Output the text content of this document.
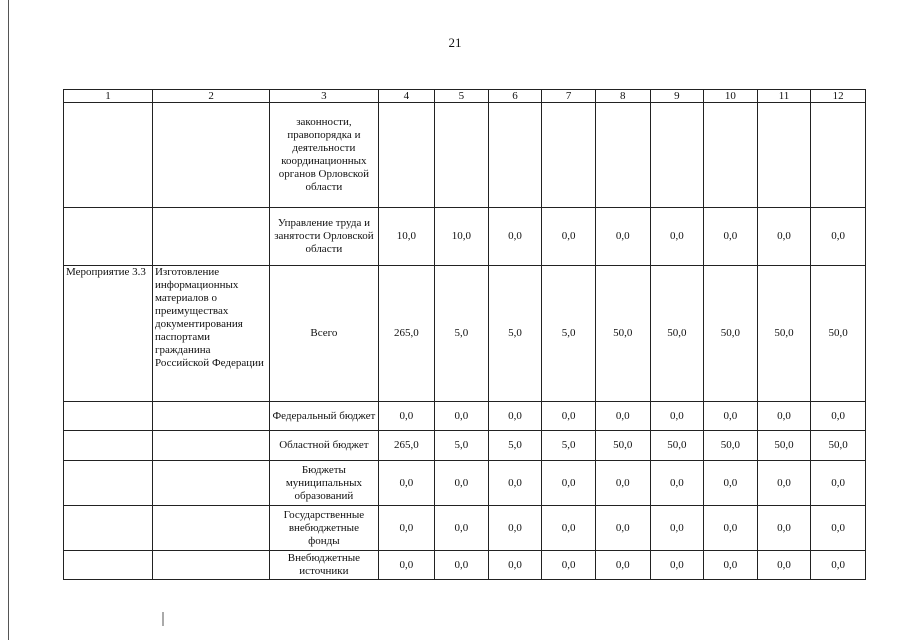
21
1	2	3	4	5	6	7	8	9	10	11	12
		законности, правопорядка и деятельности координационных органов Орловской области									
		Управление труда и занятости Орловской области	10,0	10,0	0,0	0,0	0,0	0,0	0,0	0,0	0,0
Мероприятие 3.3	Изготовление информационных материалов о преимуществах документирования паспортами гражданина Российской Федерации	Всего	265,0	5,0	5,0	5,0	50,0	50,0	50,0	50,0	50,0
		Федеральный бюджет	0,0	0,0	0,0	0,0	0,0	0,0	0,0	0,0	0,0
		Областной бюджет	265,0	5,0	5,0	5,0	50,0	50,0	50,0	50,0	50,0
		Бюджеты муниципальных образований	0,0	0,0	0,0	0,0	0,0	0,0	0,0	0,0	0,0
		Государственные внебюджетные фонды	0,0	0,0	0,0	0,0	0,0	0,0	0,0	0,0	0,0
		Внебюджетные источники	0,0	0,0	0,0	0,0	0,0	0,0	0,0	0,0	0,0
